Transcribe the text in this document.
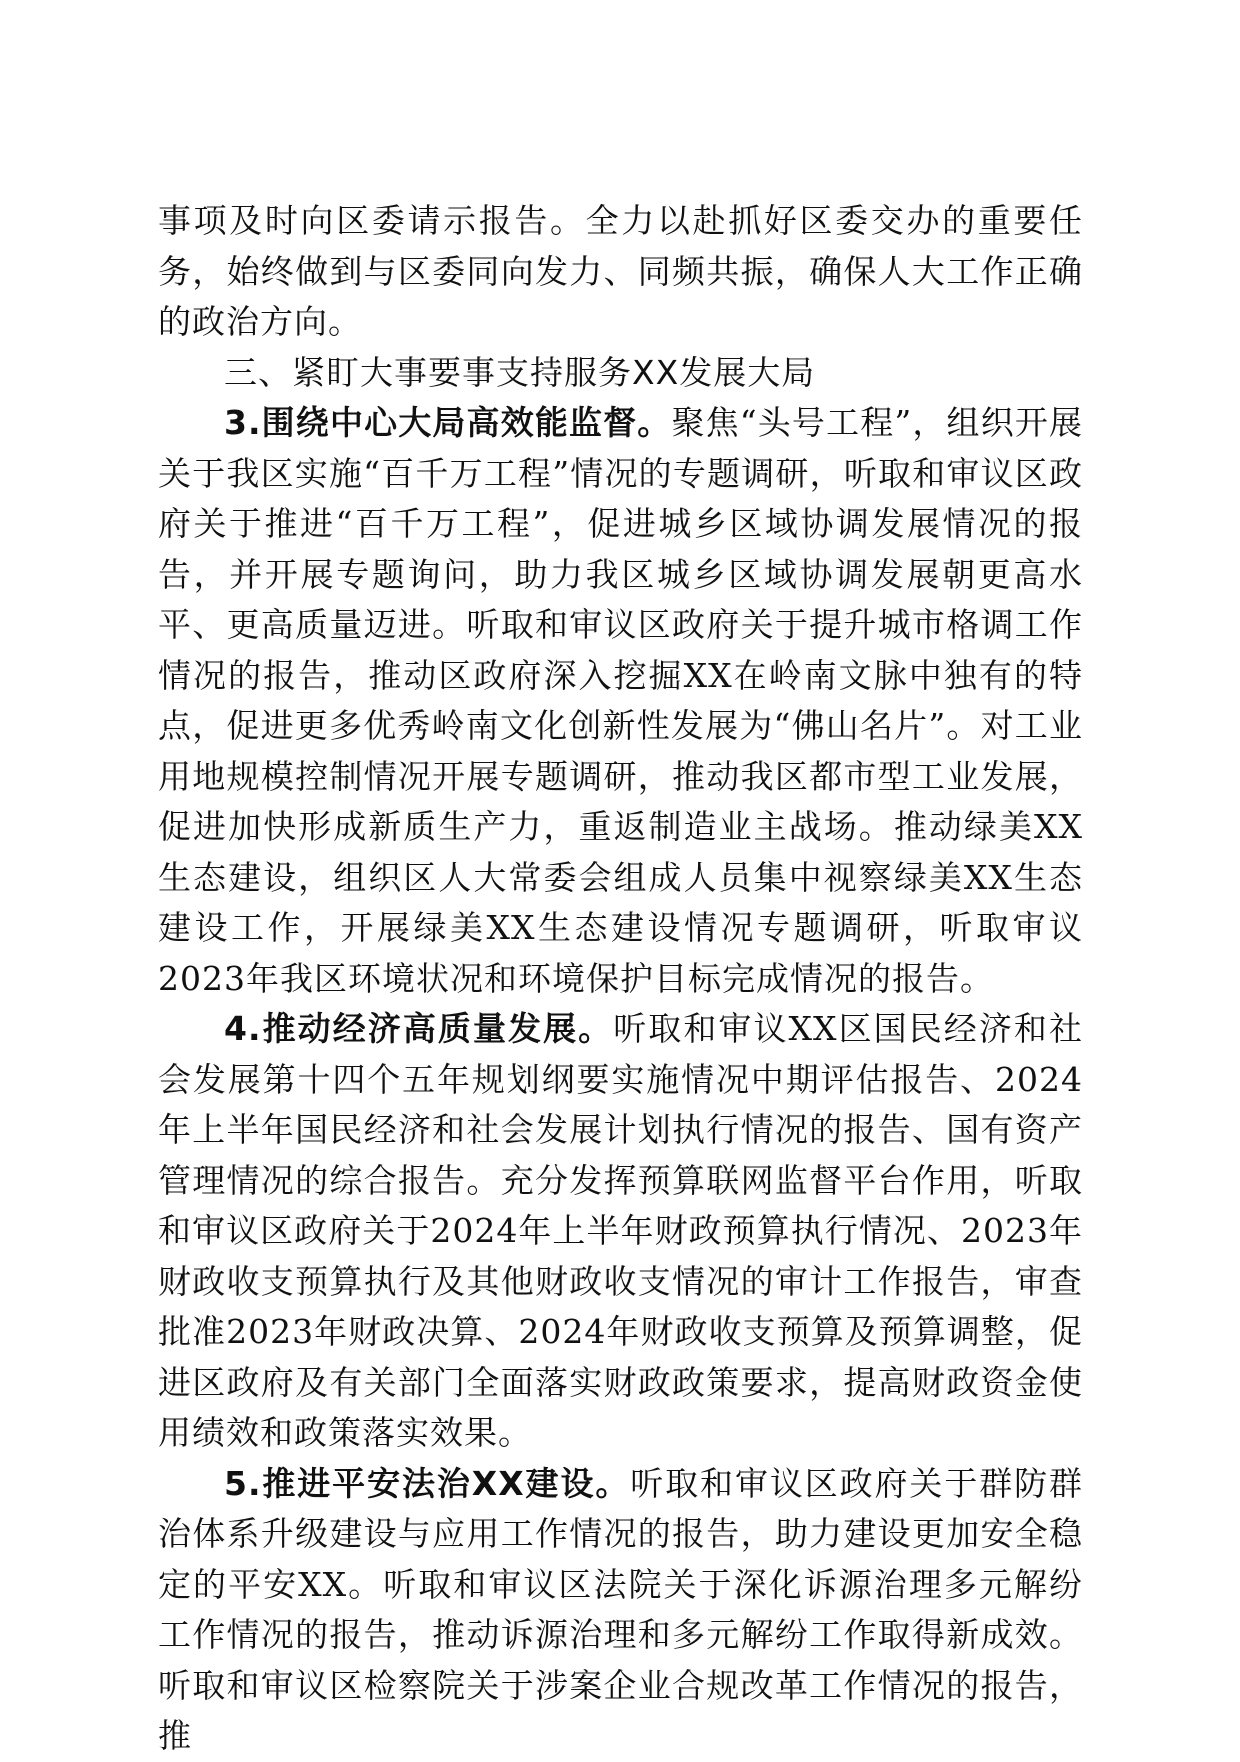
事项及时向区委请示报告。全力以赴抓好区委交办的重要任务，始终做到与区委同向发力、同频共振，确保人大工作正确的政治方向。

三、紧盯大事要事支持服务XX发展大局

3.围绕中心大局高效能监督。聚焦“头号工程”，组织开展关于我区实施“百千万工程”情况的专题调研，听取和审议区政府关于推进“百千万工程”，促进城乡区域协调发展情况的报告，并开展专题询问，助力我区城乡区域协调发展朝更高水平、更高质量迈进。听取和审议区政府关于提升城市格调工作情况的报告，推动区政府深入挖掘XX在岭南文脉中独有的特点，促进更多优秀岭南文化创新性发展为“佛山名片”。对工业用地规模控制情况开展专题调研，推动我区都市型工业发展，促进加快形成新质生产力，重返制造业主战场。推动绿美XX生态建设，组织区人大常委会组成人员集中视察绿美XX生态建设工作，开展绿美XX生态建设情况专题调研，听取审议2023年我区环境状况和环境保护目标完成情况的报告。

4.推动经济高质量发展。听取和审议XX区国民经济和社会发展第十四个五年规划纲要实施情况中期评估报告、2024年上半年国民经济和社会发展计划执行情况的报告、国有资产管理情况的综合报告。充分发挥预算联网监督平台作用，听取和审议区政府关于2024年上半年财政预算执行情况、2023年财政收支预算执行及其他财政收支情况的审计工作报告，审查批准2023年财政决算、2024年财政收支预算及预算调整，促进区政府及有关部门全面落实财政政策要求，提高财政资金使用绩效和政策落实效果。

5.推进平安法治XX建设。听取和审议区政府关于群防群治体系升级建设与应用工作情况的报告，助力建设更加安全稳定的平安XX。听取和审议区法院关于深化诉源治理多元解纷工作情况的报告，推动诉源治理和多元解纷工作取得新成效。听取和审议区检察院关于涉案企业合规改革工作情况的报告，推
